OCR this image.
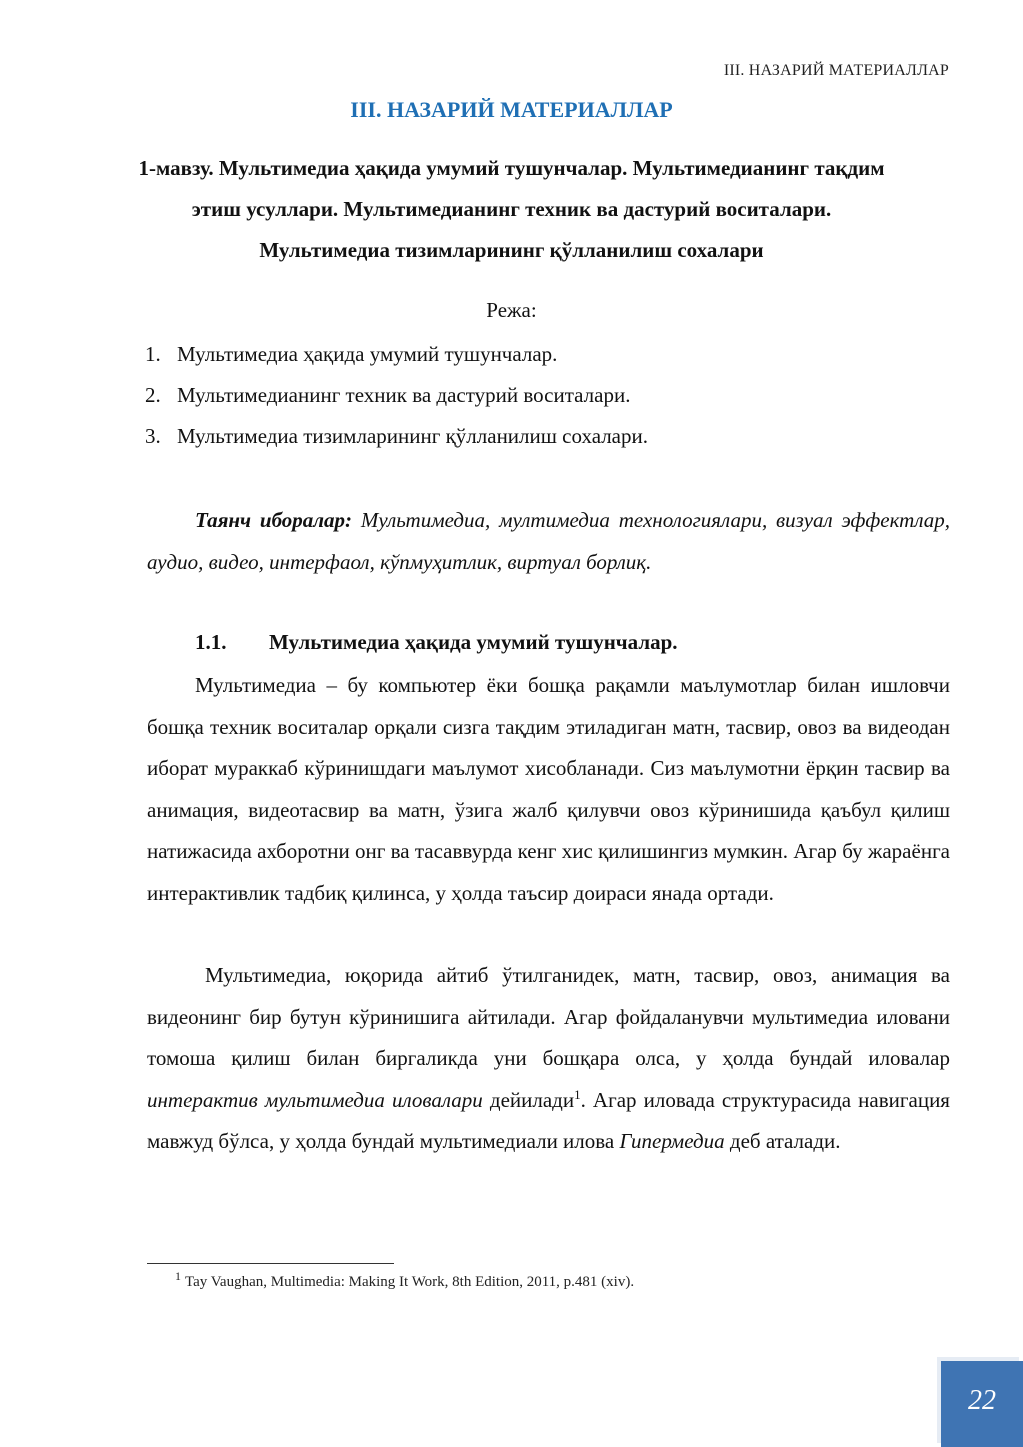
III. НАЗАРИЙ МАТЕРИАЛЛАР
III. НАЗАРИЙ МАТЕРИАЛЛАР
1-мавзу. Мультимедиа ҳақида умумий тушунчалар. Мультимедианинг тақдим этиш усуллари. Мультимедианинг техник ва дастурий воситалари. Мультимедиа тизимларининг қўлланилиш сохалари
Режа:
1. Мультимедиа ҳақида умумий тушунчалар.
2. Мультимедианинг техник ва дастурий воситалари.
3. Мультимедиа тизимларининг қўлланилиш сохалари.

Таянч иборалар: Мультимедиа, мултимедиа технологиялари, визуал эффектлар, аудио, видео, интерфаол, кўпмуҳитлик, виртуал борлиқ.

1.1. Мультимедиа ҳақида умумий тушунчалар.

Мультимедиа – бу компьютер ёки бошқа рақамли маълумотлар билан ишловчи бошқа техник воситалар орқали сизга тақдим этиладиган матн, тасвир, овоз ва видеодан иборат мураккаб кўринишдаги маълумот хисобланади. Сиз маълумотни ёрқин тасвир ва анимация, видеотасвир ва матн, ўзига жалб қилувчи овоз кўринишида қаъбул қилиш натижасида ахборотни онг ва тасаввурда кенг хис қилишингиз мумкин. Агар бу жараёнга интерактивлик тадбиқ қилинса, у ҳолда таъсир доираси янада ортади.

Мультимедиа, юқорида айтиб ўтилганидек, матн, тасвир, овоз, анимация ва видеонинг бир бутун кўринишига айтилади. Агар фойдаланувчи мультимедиа иловани томоша қилиш билан биргаликда уни бошқара олса, у ҳолда бундай иловалар интерактив мультимедиа иловалари дейилади$^1$. Агар иловада структурасида навигация мавжуд бўлса, у ҳолда бундай мультимедиали илова Гипермедиа деб аталади.

$^1$ Tay Vaughan, Multimedia: Making It Work, 8th Edition, 2011, p.481 (xiv).
22
